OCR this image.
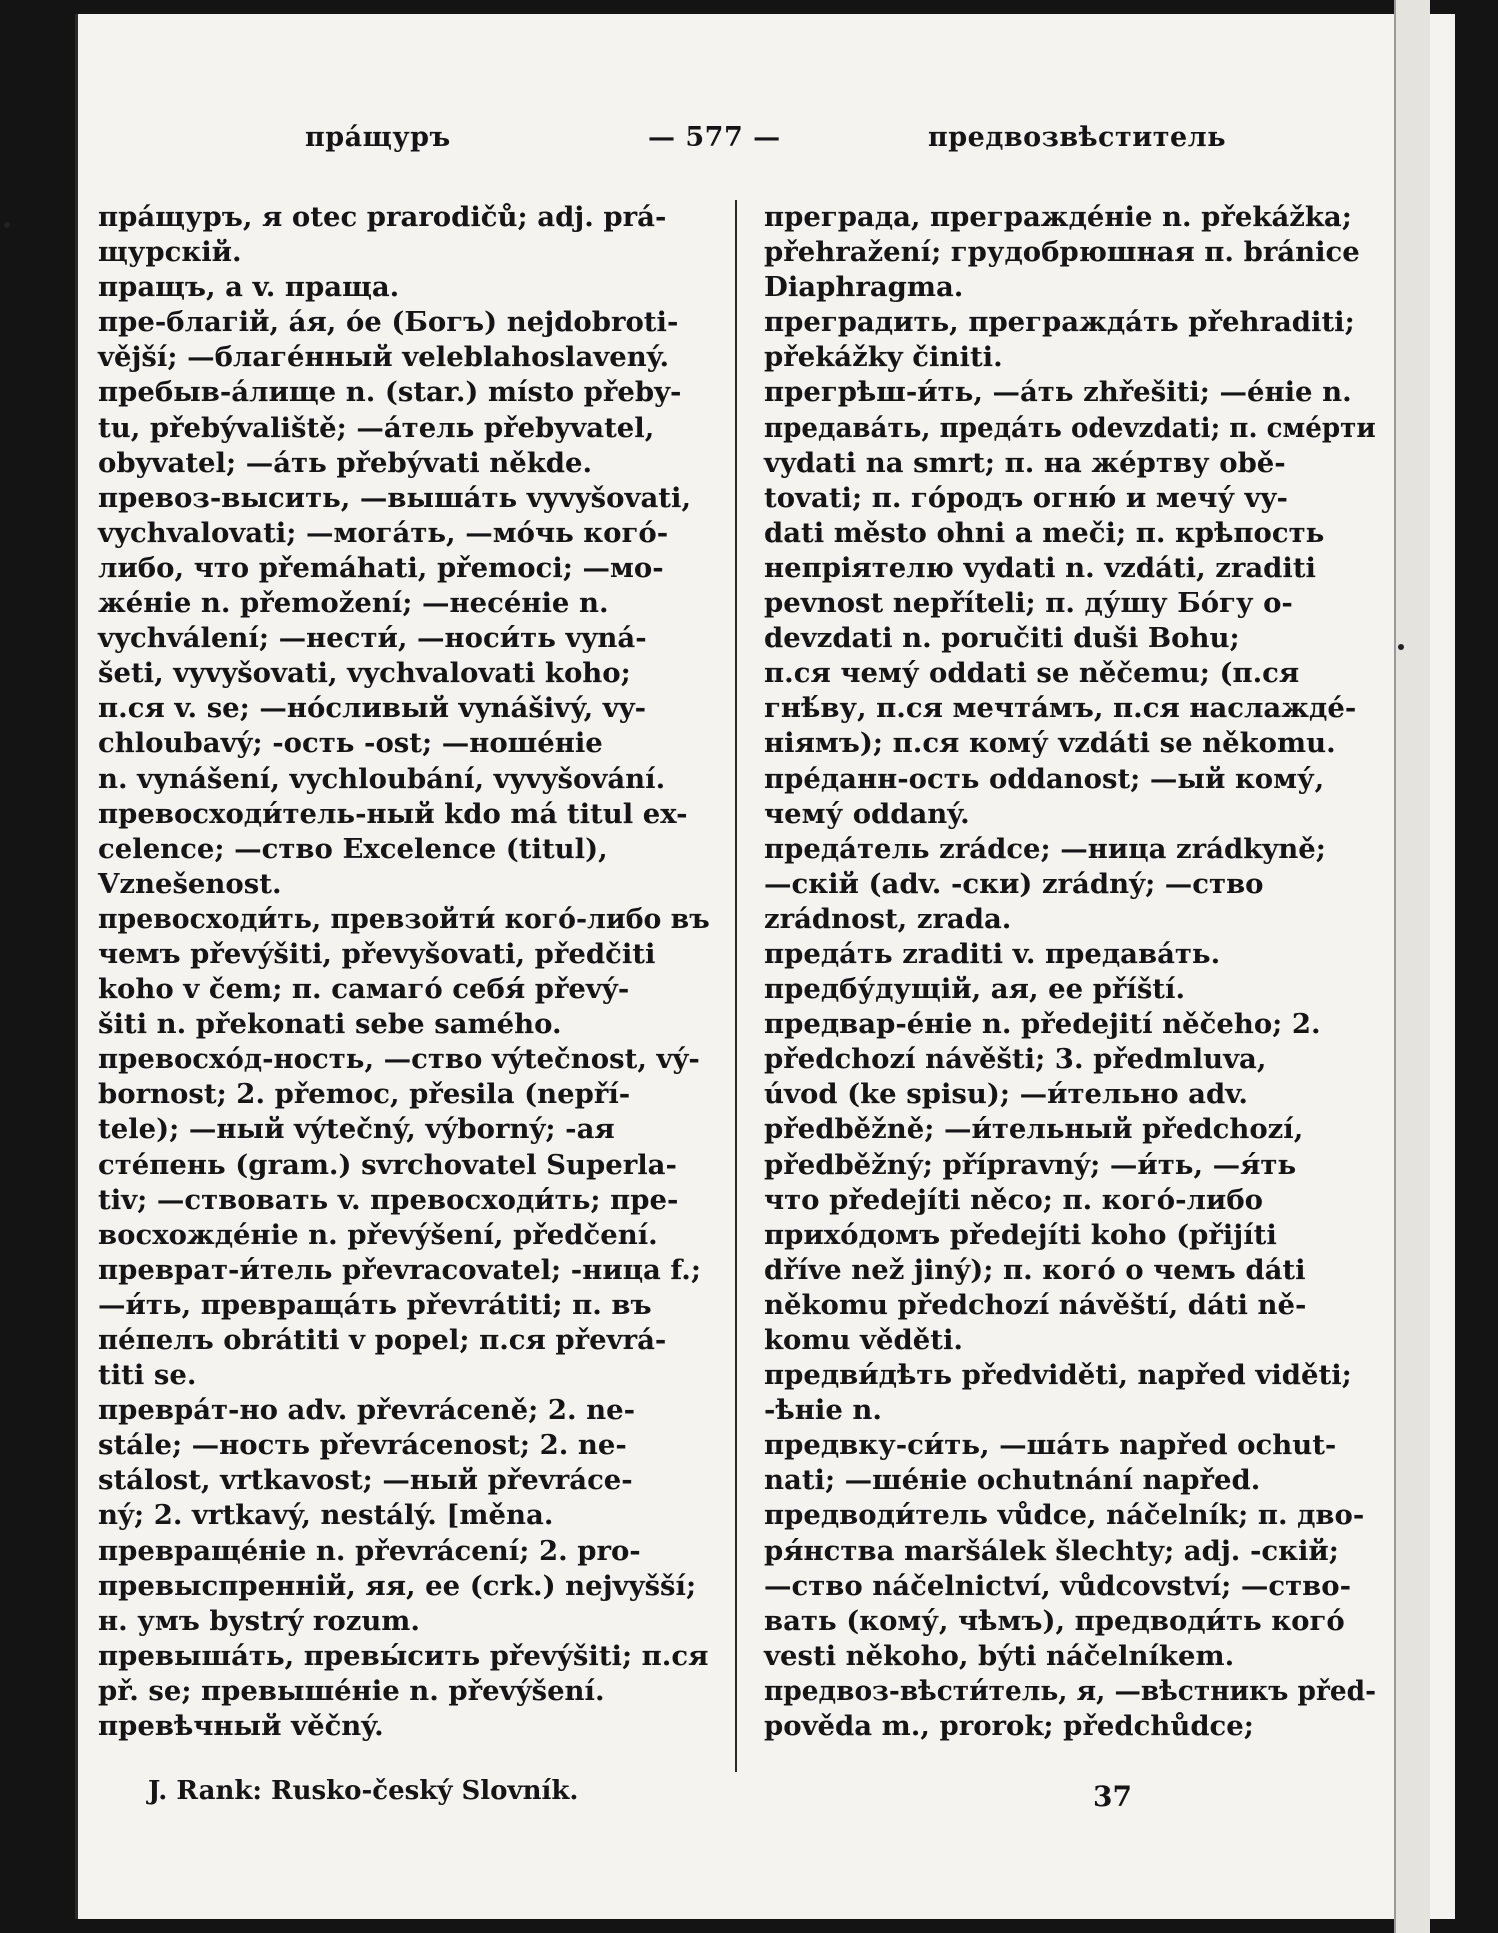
прáщуръ	— 577 —	предвозвѣститель
прáщуръ, я otec prarodičů; adj. prá-
щурскій.
пращъ, а v. праща.
пре-благій, áя, óе (Богъ) nejdobroti-
vější; —благéнный veleblahoslavený.
пребыв-áлище n. (star.) místo přeby-
tu, přebývaliště; —áтель přebyvatel,
obyvatel; —áть přebývati někde.
превоз-высить, —вышáть vyvyšovati,
vychvalovati; —могáть, —мóчь когó-
либо, что přemáhati, přemoci; —мо-
жéніе n. přemožení; —несéніе n.
vychválení; —нести́, —носи́ть vyná-
šeti, vyvyšovati, vychvalovati koho;
п.ся v. se; —нóсливый vynášivý, vy-
chloubavý; -ость -ost; —ношéніе
n. vynášení, vychloubání, vyvyšování.
превосходи́тель-ный kdo má titul ex-
celence; —ство Excelence (titul),
Vznešenost.
превосходи́ть, превзойти́ когó-либо въ
чемъ převýšiti, převyšovati, předčiti
koho v čem; п. самагó себя́ převý-
šiti n. překonati sebe samého.
превосхóд-ность, —ство výtečnost, vý-
bornost; 2. přemoc, přesila (nepří-
tele); —ный výtečný, výborný; -ая
стéпень (gram.) svrchovatel Superla-
tiv; —ствовать v. превосходи́ть; пре-
восхождéніе n. převýšení, předčení.
преврат-и́тель převracovatel; -ница f.;
—и́ть, превращáть převrátiti; п. въ
пéпелъ obrátiti v popel; п.ся převrá-
titi se.
преврáт-но adv. převráceně; 2. ne-
stále; —ность převrácenost; 2. ne-
stálost, vrtkavost; —ный převráce-
ný; 2. vrtkavý, nestálý. [měna.
превращéніе n. převrácení; 2. pro-
превыспренній, яя, ее (crk.) nejvyšší;
н. умъ bystrý rozum.
превышáть, превы́сить převýšiti; п.ся
př. se; превышéніе n. převýšení.
превѣчный věčný.
преграда, преграждéніе n. překážka;
přehražení; грудобрюшная п. bránice
Diaphragma.
преградить, преграждáть přehraditi;
překážky činiti.
прегрѣш-и́ть, —áть zhřešiti; —éніе n.
предавáть, предáть odevzdati; п. смéрти
vydati na smrt; п. на жéртву obě-
tovati; п. гóродъ огню́ и мечу́ vy-
dati město ohni a meči; п. крѣпость
непріятелю vydati n. vzdáti, zraditi
pevnost nepříteli; п. ду́шу Бóгу o-
devzdati n. poručiti duši Bohu;
п.ся чему́ oddati se něčemu; (п.ся
гнѣ́ву, п.ся мечтáмъ, п.ся наслаждé-
ніямъ); п.ся кому́ vzdáti se někomu.
прéданн-ость oddanost; —ый кому́,
чему́ oddaný.
предáтель zrádce; —ница zrádkyně;
—скій (adv. -ски) zrádný; —ство
zrádnost, zrada.
предáть zraditi v. предавáть.
предбу́дущій, ая, ее příští.
предвар-éніе n. předejití něčeho; 2.
předchozí návěšti; 3. předmluva,
úvod (ke spisu); —и́тельно adv.
předběžně; —и́тельный předchozí,
předběžný; přípravný; —и́ть, —я́ть
что předejíti něco; п. когó-либо
прихóдомъ předejíti koho (přijíti
dříve než jiný); п. когó о чемъ dáti
někomu předchozí návěští, dáti ně-
komu věděti.
предви́дѣть předviděti, napřed viděti;
-ѣніе n.
предвку-си́ть, —шáть napřed ochut-
nati; —шéніе ochutnání napřed.
предводи́тель vůdce, náčelník; п. дво-
ря́нства maršálek šlechty; adj. -скій;
—ство náčelnictví, vůdcovství; —ство-
вать (кому́, чѣмъ), предводи́ть когó
vesti někoho, býti náčelníkem.
предвоз-вѣсти́тель, я, —вѣстникъ před-
pověda m., prorok; předchůdce;
J. Rank: Rusko-český Slovník.	37
